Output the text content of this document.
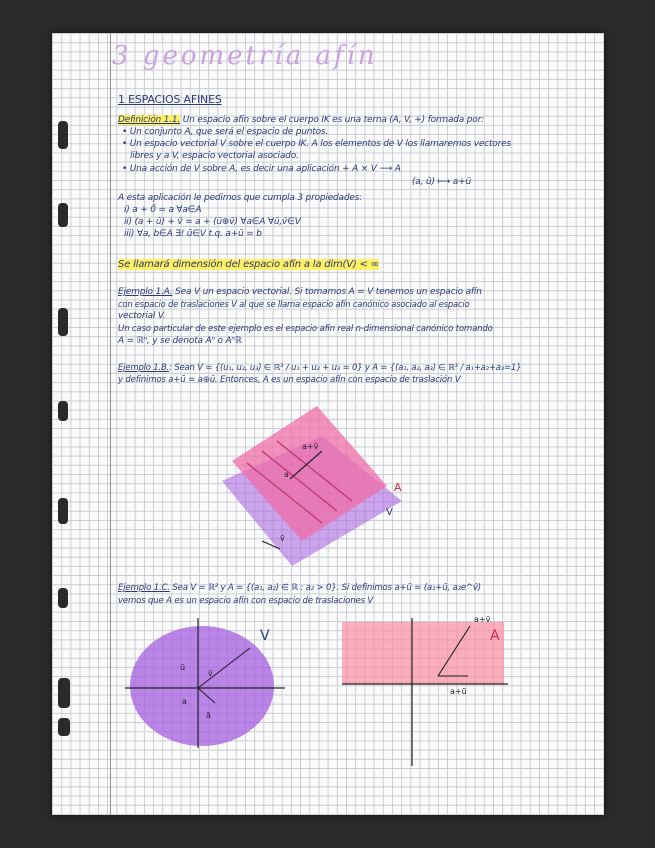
3 geometría afín
1 ESPACIOS AFINES
Definición 1.1. Un espacio afín sobre el cuerpo IK es una terna (A, V, +) formada por:
• Un conjunto A, que será el espacio de puntos.
• Un espacio vectorial V sobre el cuerpo IK. A los elementos de V los llamaremos vectores
libres y a V, espacio vectorial asociado.
• Una acción de V sobre A, es decir una aplicación + A × V ⟶ A
(a, ū) ⟼ a+ū
A esta aplicación le pedimos que cumpla 3 propiedades:
i) a + 0̄ = a ∀a∈A
ii) (a + ū) + v̄ = a + (ū⊕v̄) ∀a∈A ∀ū,v̄∈V
iii) ∀a, b∈A ∃! ū∈V t.q. a+ū = b
Se llamará dimensión del espacio afín a la dim(V) < ∞
Ejemplo 1.A. Sea V un espacio vectorial. Si tomamos A = V tenemos un espacio afín
con espacio de traslaciones V al que se llama espacio afín canónico asociado al espacio
vectorial V.
Un caso particular de este ejemplo es el espacio afín real n-dimensional canónico tomando
A = ℝⁿ, y se denota Aⁿ o Aⁿℝ
Ejemplo 1.B.: Sean V = {(u₁, u₂, u₃) ∈ ℝ³ / u₁ + u₂ + u₃ = 0} y A = {(a₁, a₂, a₃) ∈ ℝ³ / a₁+a₂+a₃=1}
y definimos a+ū = a⊕ū. Entonces, A es un espacio afín con espacio de traslación V
a+v̄
a
A
V
v̄
Ejemplo 1.C. Sea V = ℝ² y A = {(a₁, a₂) ∈ ℝ : a₂ > 0}. Si definimos a+ū = (a₁+ū, a₂e^v̄)
vemos que A es un espacio afín con espacio de traslaciones V
V
v̄
ū
a
ā
A
a+v̄
a+ū
